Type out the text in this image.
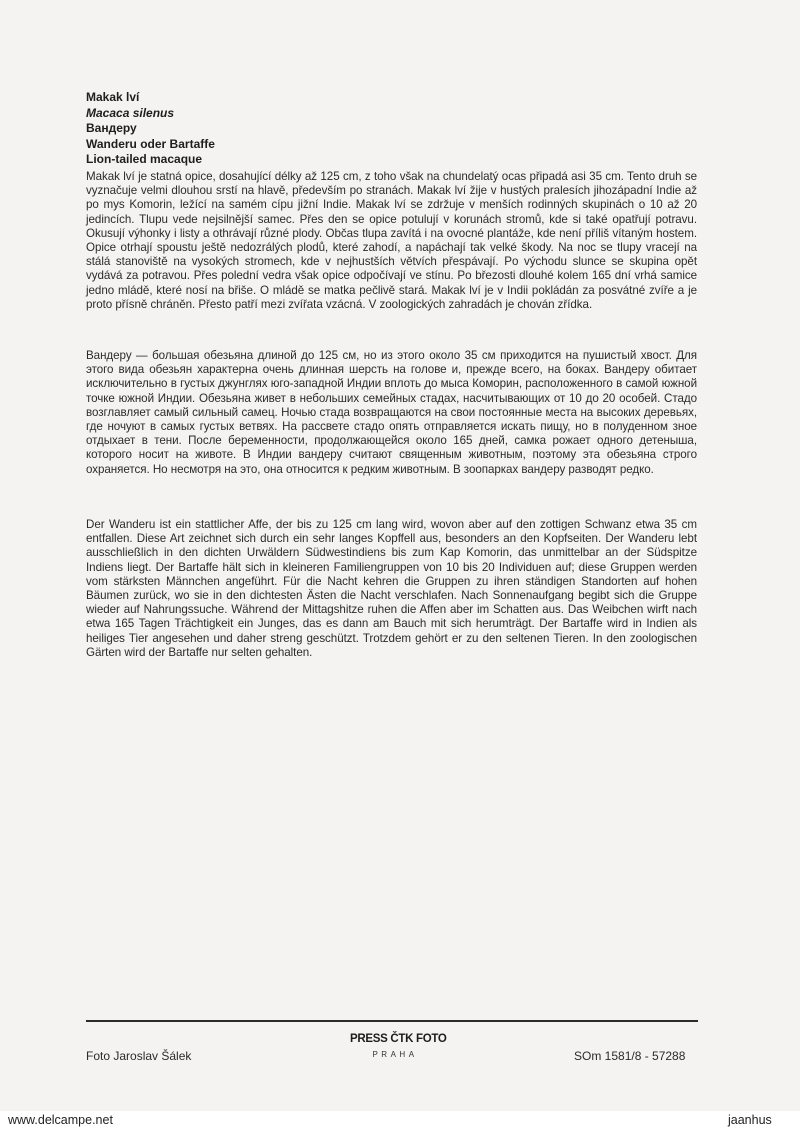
Makak lví
Macaca silenus
Вандеру
Wanderu oder Bartaffe
Lion-tailed macaque
Makak lví je statná opice, dosahující délky až 125 cm, z toho však na chundelatý ocas připadá asi 35 cm. Tento druh se vyznačuje velmi dlouhou srstí na hlavě, především po stranách. Makak lví žije v hustých pralesích jihozápadní Indie až po mys Komorin, ležící na samém cípu jižní Indie. Makak lví se zdržuje v menších rodinných skupinách o 10 až 20 jedincích. Tlupu vede nejsilnější samec. Přes den se opice potulují v korunách stromů, kde si také opatřují potravu. Okusují výhonky i listy a othrávají různé plody. Občas tlupa zavítá i na ovocné plantáže, kde není příliš vítaným hostem. Opice otrhají spoustu ještě nedozrálých plodů, které zahodí, a napáchají tak velké škody. Na noc se tlupy vracejí na stálá stanoviště na vysokých stromech, kde v nejhustších větvích přespávají. Po východu slunce se skupina opět vydává za potravou. Přes polední vedra však opice odpočívají ve stínu. Po březosti dlouhé kolem 165 dní vrhá samice jedno mládě, které nosí na břiše. O mládě se matka pečlivě stará. Makak lví je v Indii pokládán za posvátné zvíře a je proto přísně chráněn. Přesto patří mezi zvířata vzácná. V zoologických zahradách je chován zřídka.
Вандеру — большая обезьяна длиной до 125 см, но из этого около 35 см приходится на пушистый хвост. Для этого вида обезьян характерна очень длинная шерсть на голове и, прежде всего, на боках. Вандеру обитает исключительно в густых джунглях юго-западной Индии вплоть до мыса Коморин, расположенного в самой южной точке южной Индии. Обезьяна живет в небольших семейных стадах, насчитывающих от 10 до 20 особей. Стадо возглавляет самый сильный самец. Ночью стада возвращаются на свои постоянные места на высоких деревьях, где ночуют в самых густых ветвях. На рассвете стадо опять отправляется искать пищу, но в полуденном зное отдыхает в тени. После беременности, продолжающейся около 165 дней, самка рожает одного детеныша, которого носит на животе. В Индии вандеру считают священным животным, поэтому эта обезьяна строго охраняется. Но несмотря на это, она относится к редким животным. В зоопарках вандеру разводят редко.
Der Wanderu ist ein stattlicher Affe, der bis zu 125 cm lang wird, wovon aber auf den zottigen Schwanz etwa 35 cm entfallen. Diese Art zeichnet sich durch ein sehr langes Kopffell aus, besonders an den Kopfseiten. Der Wanderu lebt ausschließlich in den dichten Urwäldern Südwestindiens bis zum Kap Komorin, das unmittelbar an der Südspitze Indiens liegt. Der Bartaffe hält sich in kleineren Familiengruppen von 10 bis 20 Individuen auf; diese Gruppen werden vom stärksten Männchen angeführt. Für die Nacht kehren die Gruppen zu ihren ständigen Standorten auf hohen Bäumen zurück, wo sie in den dichtesten Ästen die Nacht verschlafen. Nach Sonnenaufgang begibt sich die Gruppe wieder auf Nahrungssuche. Während der Mittagshitze ruhen die Affen aber im Schatten aus. Das Weibchen wirft nach etwa 165 Tagen Trächtigkeit ein Junges, das es dann am Bauch mit sich herumträgt. Der Bartaffe wird in Indien als heiliges Tier angesehen und daher streng geschützt. Trotzdem gehört er zu den seltenen Tieren. In den zoologischen Gärten wird der Bartaffe nur selten gehalten.
Foto Jaroslav Šálek
PRESS ČTK FOTO
PRAHA	SOm 1581/8 - 57288
www.delcampe.net	jaanhus
